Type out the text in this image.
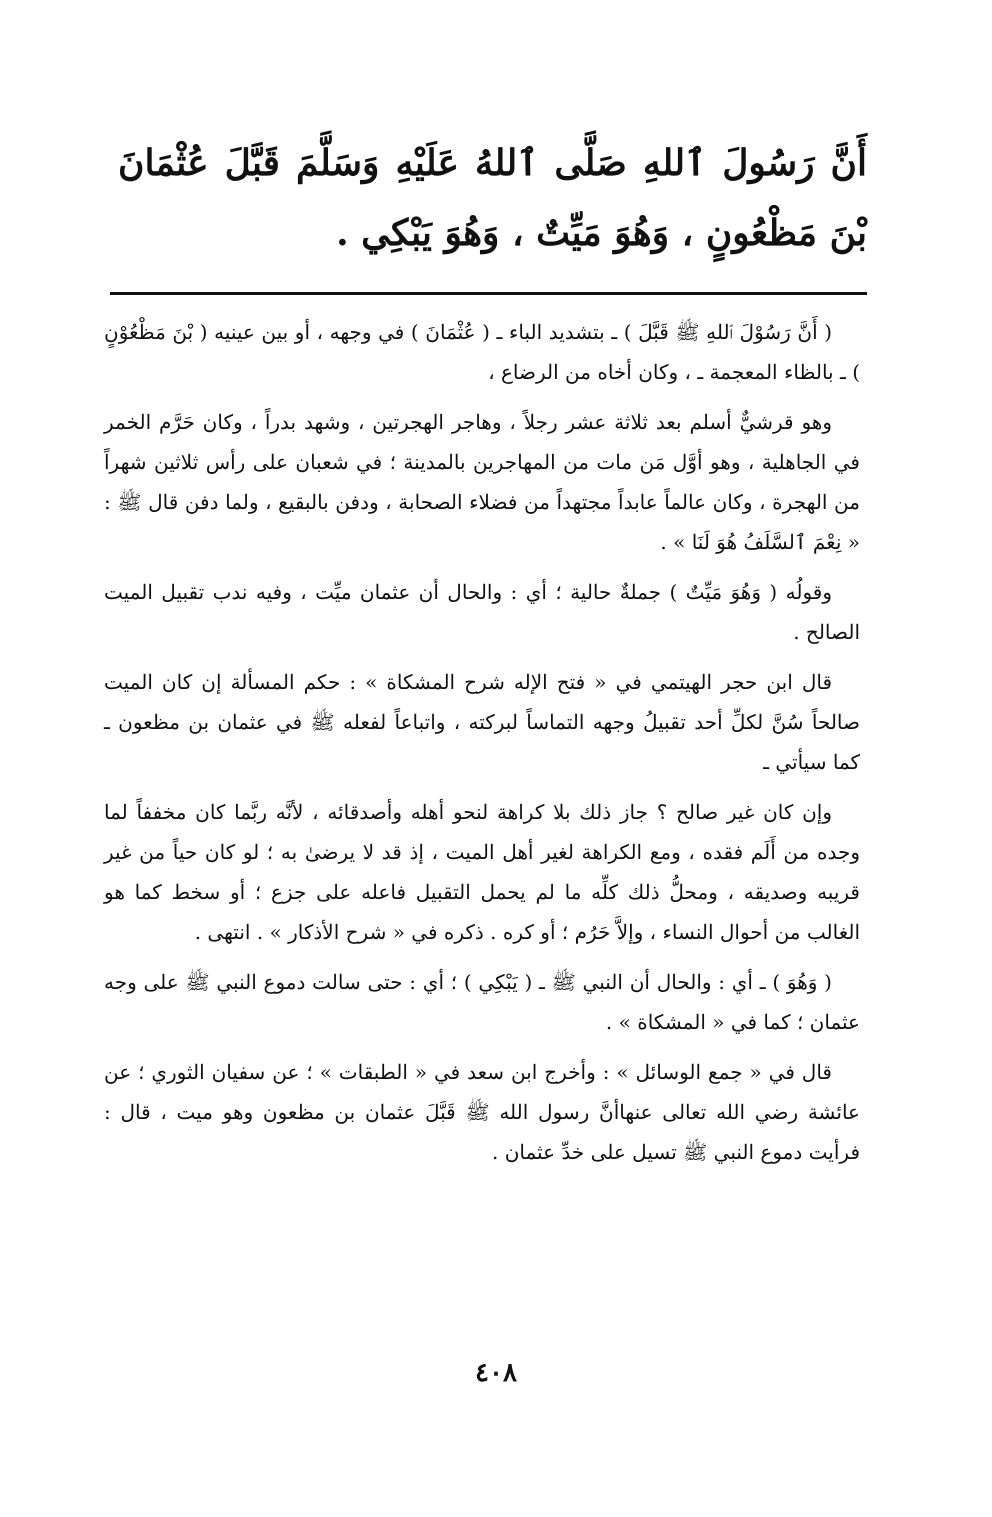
أَنَّ رَسُولَ ٱللهِ صَلَّى ٱللهُ عَلَيْهِ وَسَلَّمَ قَبَّلَ عُثْمَانَ بْنَ مَظْعُونٍ ، وَهُوَ مَيِّتٌ ، وَهُوَ يَبْكِي .

( أَنَّ رَسُوْلَ ٱللهِ ﷺ قَبَّلَ ) ـ بتشديد الباء ـ ( عُثْمَانَ ) في وجهه ، أو بين عينيه ( بْنَ مَظْعُوْنٍ ) ـ بالظاء المعجمة ـ ، وكان أخاه من الرضاع ،

وهو قرشيٌّ أسلم بعد ثلاثة عشر رجلاً ، وهاجر الهجرتين ، وشهد بدراً ، وكان حَرَّم الخمر في الجاهلية ، وهو أوَّل مَن مات من المهاجرين بالمدينة ؛ في شعبان على رأس ثلاثين شهراً من الهجرة ، وكان عالماً عابداً مجتهداً من فضلاء الصحابة ، ودفن بالبقيع ، ولما دفن قال ﷺ : « نِعْمَ ٱلسَّلَفُ هُوَ لَنَا » .

وقولُه ( وَهُوَ مَيِّتٌ ) جملةٌ حالية ؛ أي : والحال أن عثمان ميِّت ، وفيه ندب تقبيل الميت الصالح .

قال ابن حجر الهيتمي في « فتح الإله شرح المشكاة » : حكم المسألة إن كان الميت صالحاً سُنَّ لكلِّ أحد تقبيلُ وجهه التماساً لبركته ، واتباعاً لفعله ﷺ في عثمان بن مظعون ـ كما سيأتي ـ

وإن كان غير صالح ؟ جاز ذلك بلا كراهة لنحو أهله وأصدقائه ، لأنَّه ربَّما كان مخففاً لما وجده من أَلَم فقده ، ومع الكراهة لغير أهل الميت ، إذ قد لا يرضىٰ به ؛ لو كان حياً من غير قريبه وصديقه ، ومحلُّ ذلك كلِّه ما لم يحمل التقبيل فاعله على جزع ؛ أو سخط كما هو الغالب من أحوال النساء ، وإلاَّ حَرُم ؛ أو كره . ذكره في « شرح الأذكار » . انتهى .

( وَهُوَ ) ـ أي : والحال أن النبي ﷺ ـ ( يَبْكِي ) ؛ أي : حتى سالت دموع النبي ﷺ على وجه عثمان ؛ كما في « المشكاة » .

قال في « جمع الوسائل » : وأخرج ابن سعد في « الطبقات » ؛ عن سفيان الثوري ؛ عن عائشة رضي الله تعالى عنهاأنَّ رسول الله ﷺ قَبَّلَ عثمان بن مظعون وهو ميت ، قال : فرأيت دموع النبي ﷺ تسيل على خدِّ عثمان .

٤٠٨
